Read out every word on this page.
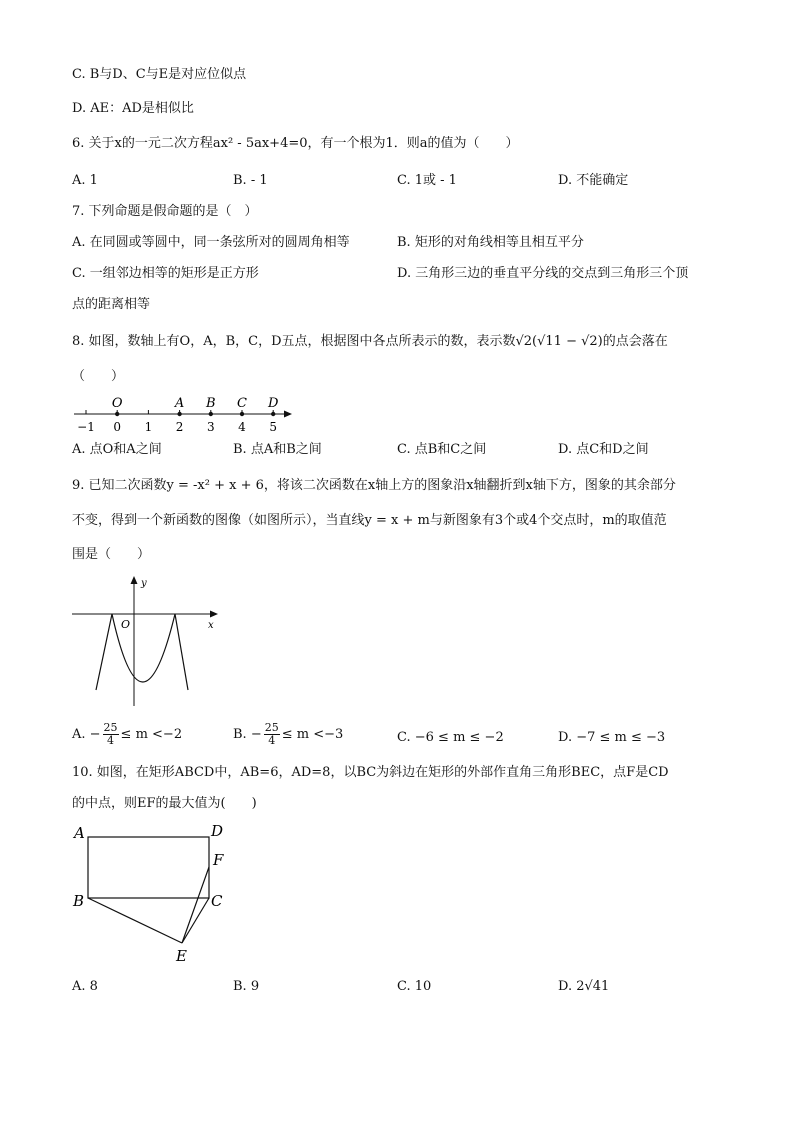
C. B与D、C与E是对应位似点
D. AE：AD是相似比
6. 关于x的一元二次方程ax² - 5ax+4=0，有一个根为1．则a的值为（　　）
A. 1	B. - 1	C. 1或 - 1	D. 不能确定
7. 下列命题是假命题的是（　）
A. 在同圆或等圆中，同一条弦所对的圆周角相等	B. 矩形的对角线相等且相互平分
C. 一组邻边相等的矩形是正方形	D. 三角形三边的垂直平分线的交点到三角形三个顶
点的距离相等
8. 如图，数轴上有O，A，B，C，D五点，根据图中各点所表示的数，表示数√2(√11 − √2)的点会落在
（　　）
−1 0 1 2 3 4 5
O	A B C D
A. 点O和A之间	B. 点A和B之间	C. 点B和C之间	D. 点C和D之间
9. 已知二次函数y = -x² + x + 6，将该二次函数在x轴上方的图象沿x轴翻折到x轴下方，图象的其余部分
不变，得到一个新函数的图像（如图所示），当直线y = x + m与新图象有3个或4个交点时，m的取值范
围是（　　）
y
x
O
A. − $\frac{25}{4} \le m <-2$	B. − $\frac{25}{4} \le m <-3$	C. −6 ≤ m ≤ −2	D. −7 ≤ m ≤ −3
10. 如图，在矩形ABCD中，AB=6，AD=8，以BC为斜边在矩形的外部作直角三角形BEC，点F是CD
的中点，则EF的最大值为(　　)
A	D
F
B	C
E
A. 8	B. 9	C. 10	D. 2√41
